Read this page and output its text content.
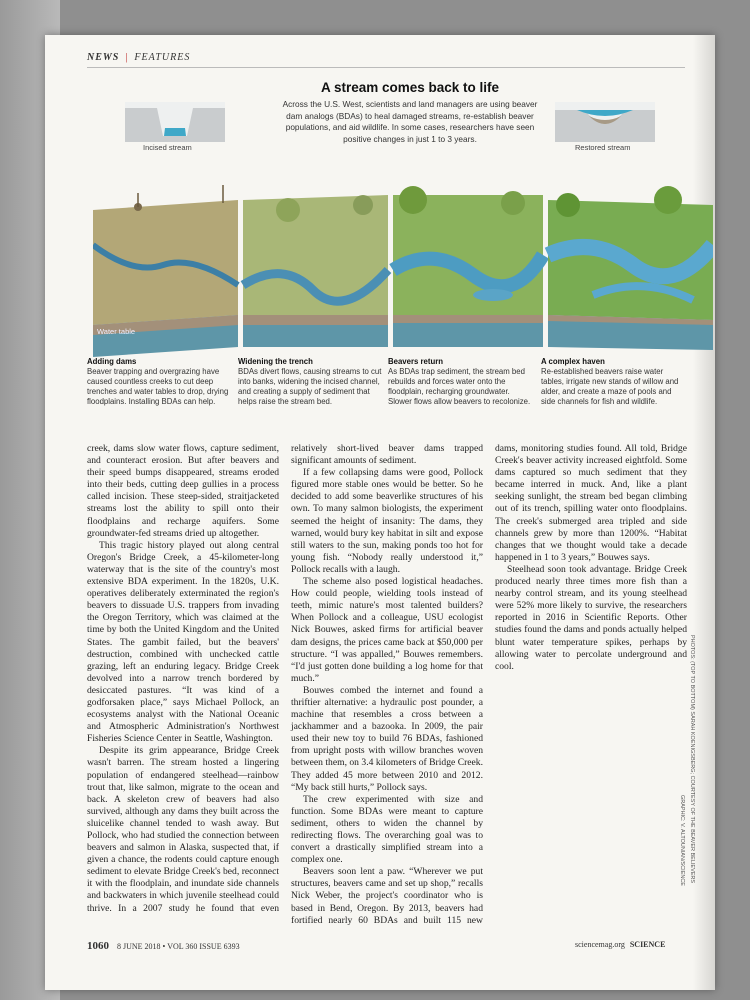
NEWS | FEATURES
A stream comes back to life
Across the U.S. West, scientists and land managers are using beaver dam analogs (BDAs) to heal damaged streams, re-establish beaver populations, and aid wildlife. In some cases, researchers have seen positive changes in just 1 to 3 years.
Incised stream	Restored stream
Water table
Adding dams
Beaver trapping and overgrazing have caused countless creeks to cut deep trenches and water tables to drop, drying floodplains. Installing BDAs can help.
Widening the trench
BDAs divert flows, causing streams to cut into banks, widening the incised channel, and creating a supply of sediment that helps raise the stream bed.
Beavers return
As BDAs trap sediment, the stream bed rebuilds and forces water onto the floodplain, recharging groundwater. Slower flows allow beavers to recolonize.
A complex haven
Re-established beavers raise water tables, irrigate new stands of willow and alder, and create a maze of pools and side channels for fish and wildlife.

creek, dams slow water flows, capture sediment, and counteract erosion. But after beavers and their speed bumps disappeared, streams eroded into their beds, cutting deep gullies in a process called incision. These steep-sided, straitjacketed streams lost the ability to spill onto their floodplains and recharge aquifers. Some groundwater-fed streams dried up altogether.

This tragic history played out along central Oregon's Bridge Creek, a 45-kilometer-long waterway that is the site of the country's most extensive BDA experiment. In the 1820s, U.K. operatives deliberately exterminated the region's beavers to dissuade U.S. trappers from invading the Oregon Territory, which was claimed at the time by both the United Kingdom and the United States. The gambit failed, but the beavers' destruction, combined with unchecked cattle grazing, left an enduring legacy. Bridge Creek devolved into a narrow trench bordered by desiccated pastures. “It was kind of a godforsaken place,” says Michael Pollock, an ecosystems analyst with the National Oceanic and Atmospheric Administration's Northwest Fisheries Science Center in Seattle, Washington.

Despite its grim appearance, Bridge Creek wasn't barren. The stream hosted a lingering population of endangered steelhead—rainbow trout that, like salmon, migrate to the ocean and back. A skeleton crew of beavers had also survived, although any dams they built across the sluicelike channel tended to wash away. But Pollock, who had studied the connection between beavers and salmon in Alaska, suspected that, if given a chance, the rodents could capture enough sediment to elevate Bridge Creek's bed, reconnect it with the floodplain, and inundate side channels and backwaters in which juvenile steelhead could thrive. In a 2007 study he found that even relatively short-lived beaver dams trapped significant amounts of sediment.

If a few collapsing dams were good, Pollock figured more stable ones would be better. So he decided to add some beaverlike structures of his own. To many salmon biologists, the experiment seemed the height of insanity: The dams, they warned, would bury key habitat in silt and expose still waters to the sun, making ponds too hot for young fish. “Nobody really understood it,” Pollock recalls with a laugh.

The scheme also posed logistical headaches. How could people, wielding tools instead of teeth, mimic nature's most talented builders? When Pollock and a colleague, USU ecologist Nick Bouwes, asked firms for artificial beaver dam designs, the prices came back at $50,000 per structure. “I was appalled,” Bouwes remembers. “I'd just gotten done building a log home for that much.”

Bouwes combed the internet and found a thriftier alternative: a hydraulic post pounder, a machine that resembles a cross between a jackhammer and a bazooka. In 2009, the pair used their new toy to build 76 BDAs, fashioned from upright posts with willow branches woven between them, on 3.4 kilometers of Bridge Creek. They added 45 more between 2010 and 2012. “My back still hurts,” Pollock says.

The crew experimented with size and function. Some BDAs were meant to capture sediment, others to widen the channel by redirecting flows. The overarching goal was to convert a drastically simplified stream into a complex one.

Beavers soon lent a paw. “Wherever we put structures, beavers came and set up shop,” recalls Nick Weber, the project's coordinator who is based in Bend, Oregon. By 2013, beavers had fortified nearly 60 BDAs and built 115 new dams, monitoring studies found. All told, Bridge Creek's beaver activity increased eightfold. Some dams captured so much sediment that they became interred in muck. And, like a plant seeking sunlight, the stream bed began climbing out of its trench, spilling water onto floodplains. The creek's submerged area tripled and side channels grew by more than 1200%. “Habitat changes that we thought would take a decade happened in 1 to 3 years,” Bouwes says.

Steelhead soon took advantage. Bridge Creek produced nearly three times more fish than a nearby control stream, and its young steelhead were 52% more likely to survive, the researchers reported in 2016 in Scientific Reports. Other studies found the dams and ponds actually helped blunt water temperature spikes, perhaps by allowing water to percolate underground and cool.	PHOTOS: (TOP TO BOTTOM) SARAH KOENIGSBERG; COURTESY OF THE BEAVER BELIEVERS
GRAPHIC: V. ALTOUNIAN/SCIENCE
1060 8 JUNE 2018 • VOL 360 ISSUE 6393	sciencemag.org SCIENCE
